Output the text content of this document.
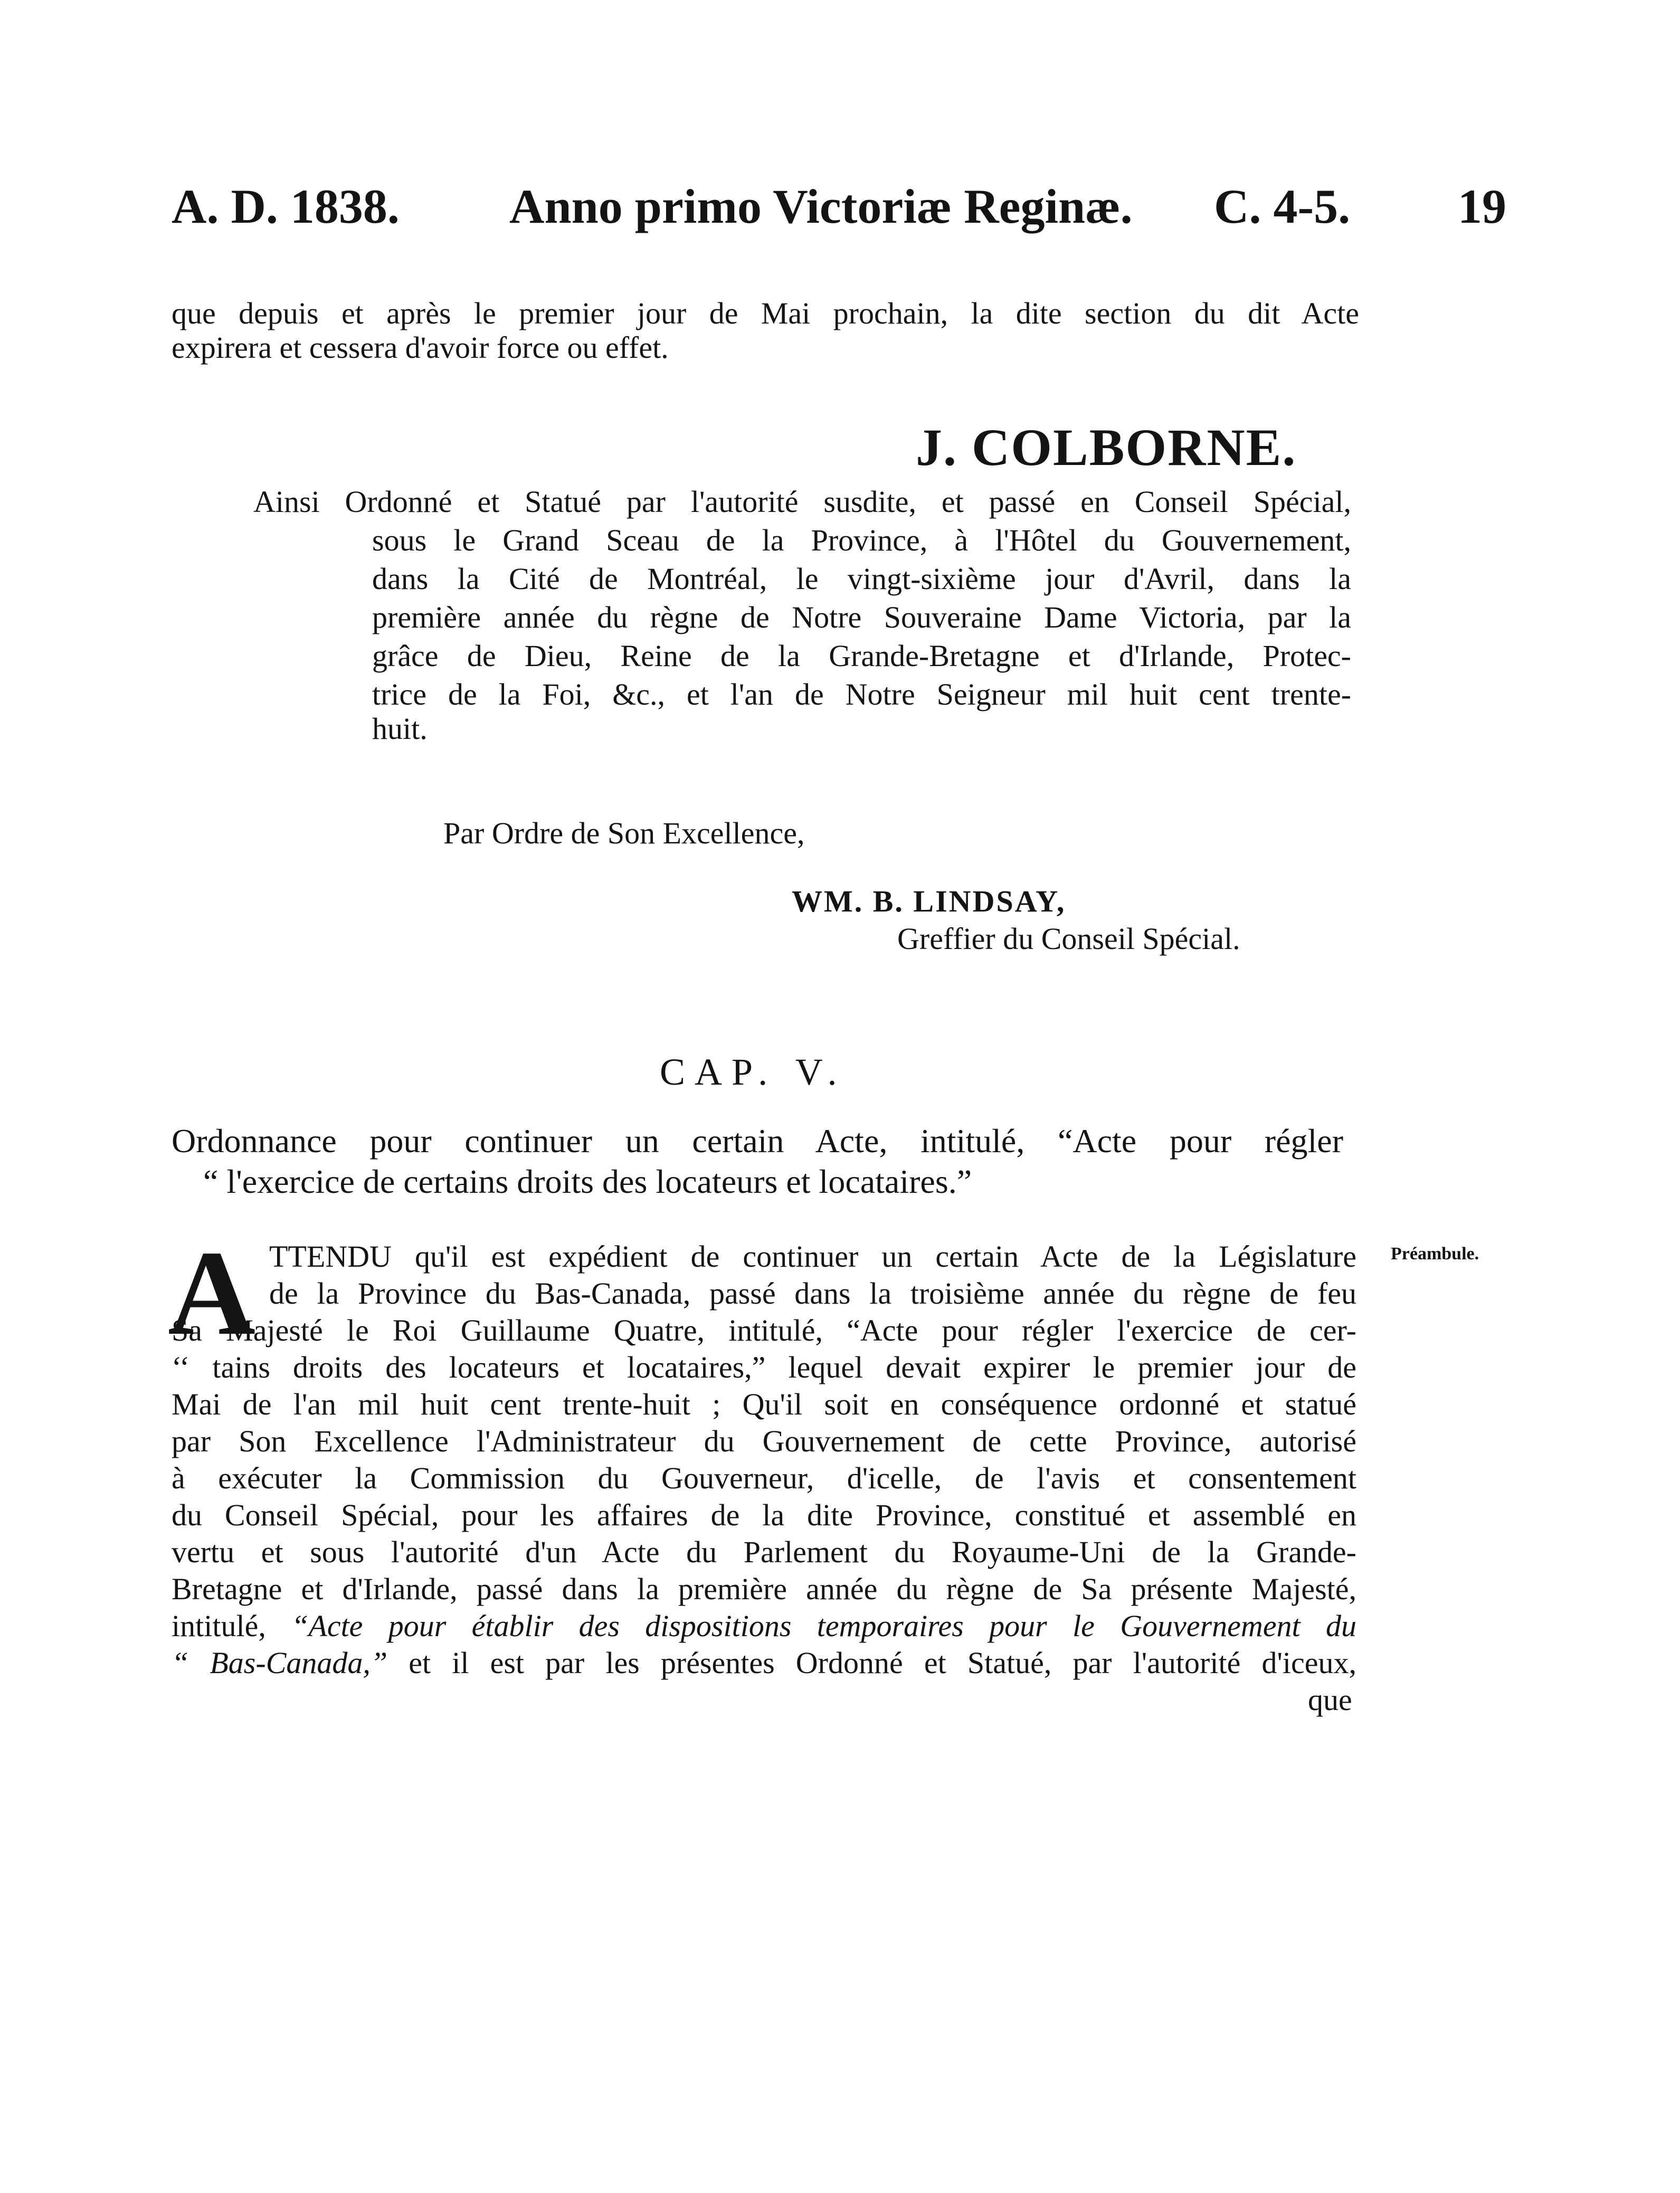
A. D. 1838. Anno primo Victoriæ Reginæ. C. 4-5. 19
que depuis et après le premier jour de Mai prochain, la dite section du dit Acte
expirera et cessera d'avoir force ou effet.
J. COLBORNE.
Ainsi Ordonné et Statué par l'autorité susdite, et passé en Conseil Spécial,
sous le Grand Sceau de la Province, à l'Hôtel du Gouvernement,
dans la Cité de Montréal, le vingt-sixième jour d'Avril, dans la
première année du règne de Notre Souveraine Dame Victoria, par la
grâce de Dieu, Reine de la Grande-Bretagne et d'Irlande, Protec-
trice de la Foi, &c., et l'an de Notre Seigneur mil huit cent trente-
huit.
Par Ordre de Son Excellence,
WM. B. LINDSAY,
Greffier du Conseil Spécial.
CAP. V.
Ordonnance pour continuer un certain Acte, intitulé, “Acte pour régler
“ l'exercice de certains droits des locateurs et locataires.”
Préambule.
A TTENDU qu'il est expédient de continuer un certain Acte de la Législature
de la Province du Bas-Canada, passé dans la troisième année du règne de feu
Sa Majesté le Roi Guillaume Quatre, intitulé, “Acte pour régler l'exercice de cer-
‘‘ tains droits des locateurs et locataires,” lequel devait expirer le premier jour de
Mai de l'an mil huit cent trente-huit ; Qu'il soit en conséquence ordonné et statué
par Son Excellence l'Administrateur du Gouvernement de cette Province, autorisé
à exécuter la Commission du Gouverneur, d'icelle, de l'avis et consentement
du Conseil Spécial, pour les affaires de la dite Province, constitué et assemblé en
vertu et sous l'autorité d'un Acte du Parlement du Royaume-Uni de la Grande-
Bretagne et d'Irlande, passé dans la première année du règne de Sa présente Majesté,
intitulé, “Acte pour établir des dispositions temporaires pour le Gouvernement du
“ Bas-Canada,” et il est par les présentes Ordonné et Statué, par l'autorité d'iceux,
que
